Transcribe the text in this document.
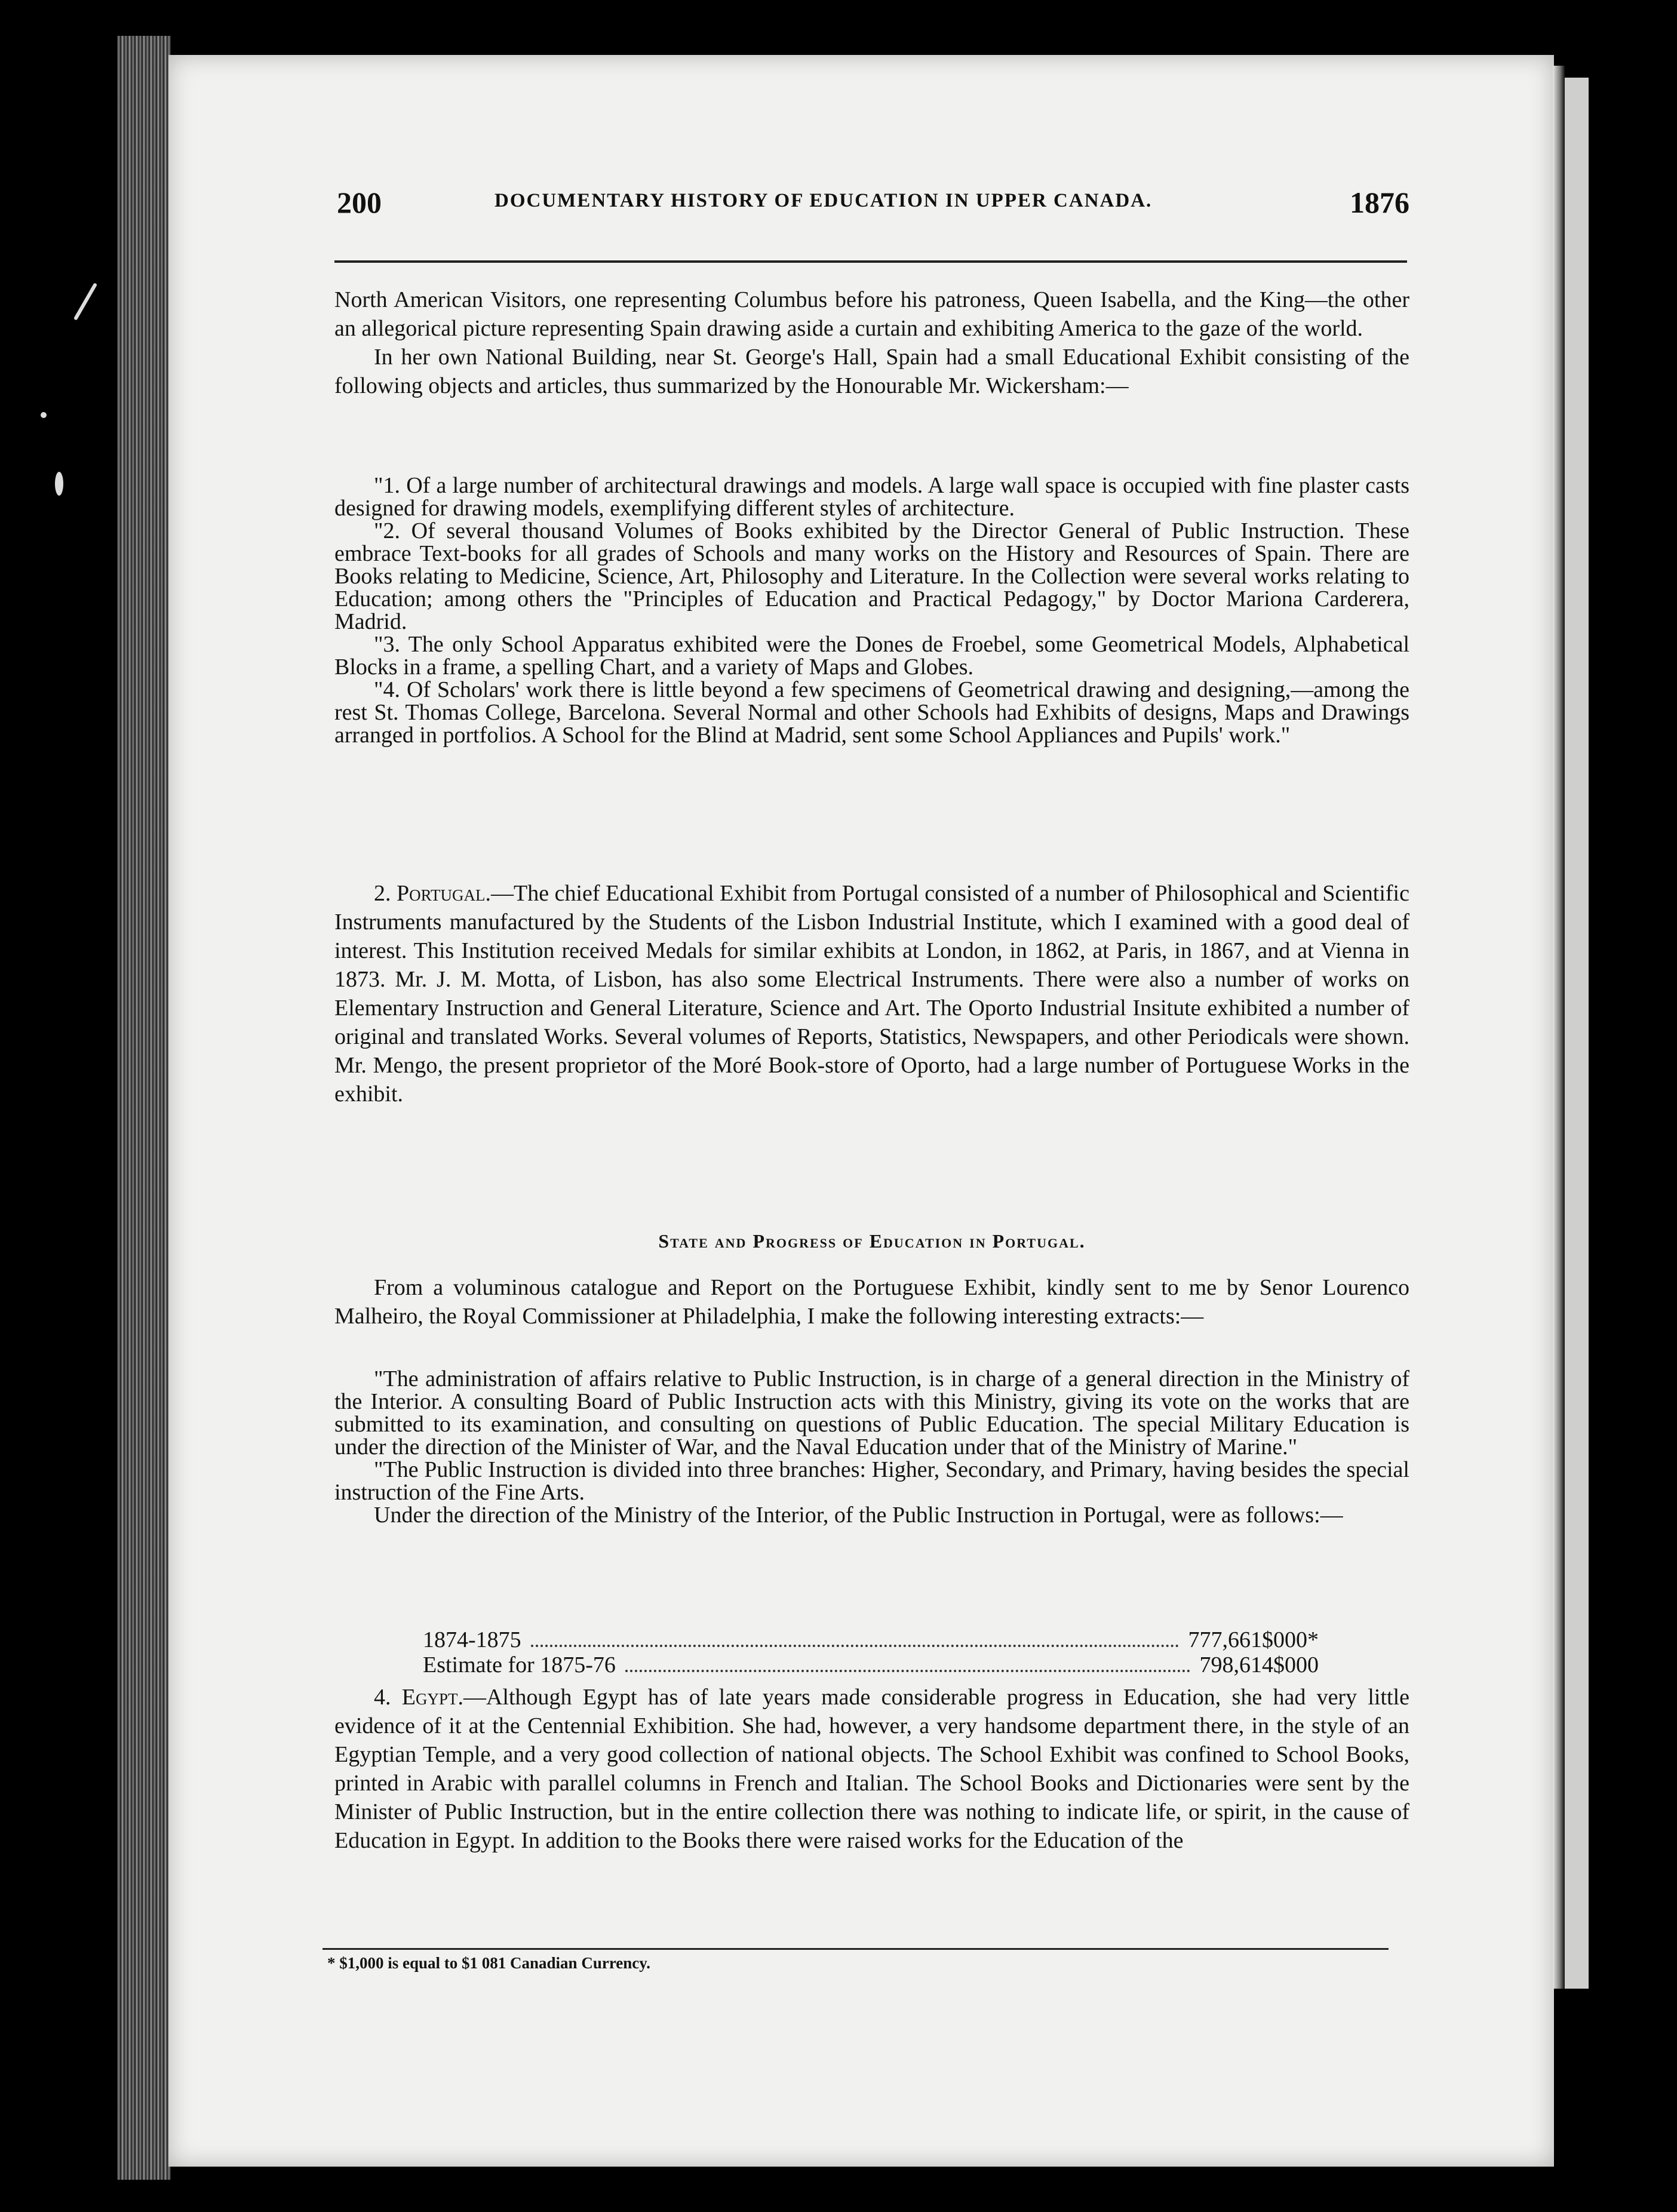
200	DOCUMENTARY HISTORY OF EDUCATION IN UPPER CANADA.	1876

North American Visitors, one representing Columbus before his patroness, Queen Isabella, and the King—the other an allegorical picture representing Spain drawing aside a curtain and exhibiting America to the gaze of the world.

In her own National Building, near St. George's Hall, Spain had a small Educational Exhibit consisting of the following objects and articles, thus summarized by the Honourable Mr. Wickersham:—

"1. Of a large number of architectural drawings and models. A large wall space is occupied with fine plaster casts designed for drawing models, exemplifying different styles of architecture.

"2. Of several thousand Volumes of Books exhibited by the Director General of Public Instruction. These embrace Text-books for all grades of Schools and many works on the History and Resources of Spain. There are Books relating to Medicine, Science, Art, Philosophy and Literature. In the Collection were several works relating to Education; among others the "Principles of Education and Practical Pedagogy," by Doctor Mariona Carderera, Madrid.

"3. The only School Apparatus exhibited were the Dones de Froebel, some Geometrical Models, Alphabetical Blocks in a frame, a spelling Chart, and a variety of Maps and Globes.

"4. Of Scholars' work there is little beyond a few specimens of Geometrical drawing and designing,—among the rest St. Thomas College, Barcelona. Several Normal and other Schools had Exhibits of designs, Maps and Drawings arranged in portfolios. A School for the Blind at Madrid, sent some School Appliances and Pupils' work."

2. Portugal.—The chief Educational Exhibit from Portugal consisted of a number of Philosophical and Scientific Instruments manufactured by the Students of the Lisbon Industrial Institute, which I examined with a good deal of interest. This Institution received Medals for similar exhibits at London, in 1862, at Paris, in 1867, and at Vienna in 1873. Mr. J. M. Motta, of Lisbon, has also some Electrical Instruments. There were also a number of works on Elementary Instruction and General Literature, Science and Art. The Oporto Industrial Insitute exhibited a number of original and translated Works. Several volumes of Reports, Statistics, Newspapers, and other Periodicals were shown. Mr. Mengo, the present proprietor of the Moré Book-store of Oporto, had a large number of Portuguese Works in the exhibit.

State and Progress of Education in Portugal.

From a voluminous catalogue and Report on the Portuguese Exhibit, kindly sent to me by Senor Lourenco Malheiro, the Royal Commissioner at Philadelphia, I make the following interesting extracts:—

"The administration of affairs relative to Public Instruction, is in charge of a general direction in the Ministry of the Interior. A consulting Board of Public Instruction acts with this Ministry, giving its vote on the works that are submitted to its examination, and consulting on questions of Public Education. The special Military Education is under the direction of the Minister of War, and the Naval Education under that of the Ministry of Marine."

"The Public Instruction is divided into three branches: Higher, Secondary, and Primary, having besides the special instruction of the Fine Arts.

Under the direction of the Ministry of the Interior, of the Public Instruction in Portugal, were as follows:—

1874-1875	777,661$000*
Estimate for 1875-76	798,614$000

4. Egypt.—Although Egypt has of late years made considerable progress in Education, she had very little evidence of it at the Centennial Exhibition. She had, however, a very handsome department there, in the style of an Egyptian Temple, and a very good collection of national objects. The School Exhibit was confined to School Books, printed in Arabic with parallel columns in French and Italian. The School Books and Dictionaries were sent by the Minister of Public Instruction, but in the entire collection there was nothing to indicate life, or spirit, in the cause of Education in Egypt. In addition to the Books there were raised works for the Education of the

* $1,000 is equal to $1 081 Canadian Currency.
